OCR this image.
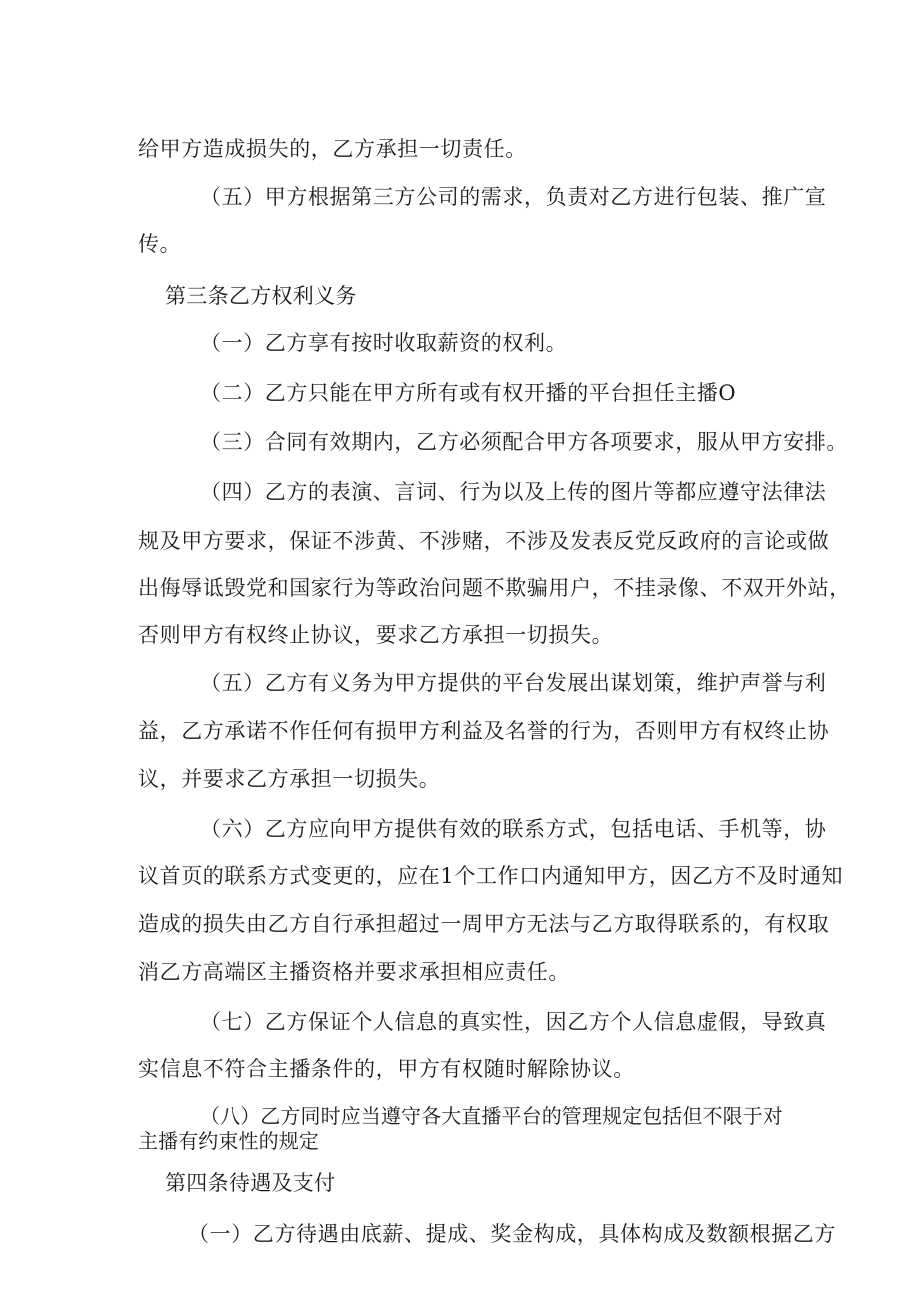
给甲方造成损失的，乙方承担一切责任。
（五）甲方根据第三方公司的需求，负责对乙方进行包装、推广宣
传。
第三条乙方权利义务
（一）乙方享有按时收取薪资的权利。
（二）乙方只能在甲方所有或有权开播的平台担任主播O
（三）合同有效期内，乙方必须配合甲方各项要求，服从甲方安排。
（四）乙方的表演、言词、行为以及上传的图片等都应遵守法律法
规及甲方要求，保证不涉黄、不涉赌，不涉及发表反党反政府的言论或做
出侮辱诋毁党和国家行为等政治问题不欺骗用户，不挂录像、不双开外站，
否则甲方有权终止协议，要求乙方承担一切损失。
（五）乙方有义务为甲方提供的平台发展出谋划策，维护声誉与利
益，乙方承诺不作任何有损甲方利益及名誉的行为，否则甲方有权终止协
议，并要求乙方承担一切损失。
（六）乙方应向甲方提供有效的联系方式，包括电话、手机等，协
议首页的联系方式变更的，应在1个工作口内通知甲方，因乙方不及时通知
造成的损失由乙方自行承担超过一周甲方无法与乙方取得联系的，有权取
消乙方高端区主播资格并要求承担相应责任。
（七）乙方保证个人信息的真实性，因乙方个人信息虚假，导致真
实信息不符合主播条件的，甲方有权随时解除协议。
（八）乙方同时应当遵守各大直播平台的管理规定包括但不限于对
主播有约束性的规定
第四条待遇及支付
（一）乙方待遇由底薪、提成、奖金构成，具体构成及数额根据乙方
